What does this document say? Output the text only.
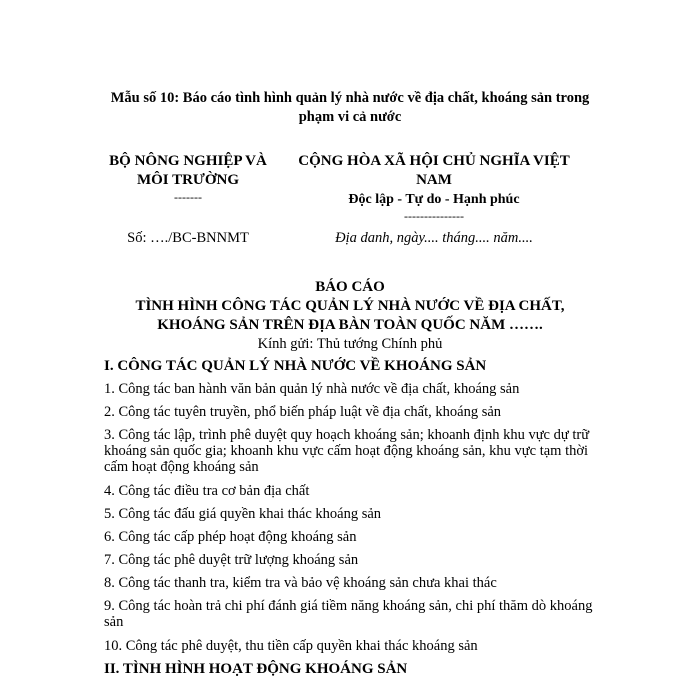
Mẫu số 10: Báo cáo tình hình quản lý nhà nước về địa chất, khoáng sản trong phạm vi cả nước
BỘ NÔNG NGHIỆP VÀ MÔI TRƯỜNG
-------
CỘNG HÒA XÃ HỘI CHỦ NGHĨA VIỆT NAM
Độc lập - Tự do - Hạnh phúc
---------------
Số: …./BC-BNNMT	Địa danh, ngày.... tháng.... năm....
BÁO CÁO
TÌNH HÌNH CÔNG TÁC QUẢN LÝ NHÀ NƯỚC VỀ ĐỊA CHẤT, KHOÁNG SẢN TRÊN ĐỊA BÀN TOÀN QUỐC NĂM …….
Kính gửi: Thủ tướng Chính phủ
I. CÔNG TÁC QUẢN LÝ NHÀ NƯỚC VỀ KHOÁNG SẢN
1. Công tác ban hành văn bản quản lý nhà nước về địa chất, khoáng sản
2. Công tác tuyên truyền, phổ biến pháp luật về địa chất, khoáng sản
3. Công tác lập, trình phê duyệt quy hoạch khoáng sản; khoanh định khu vực dự trữ khoáng sản quốc gia; khoanh khu vực cấm hoạt động khoáng sản, khu vực tạm thời cấm hoạt động khoáng sản
4. Công tác điều tra cơ bản địa chất
5. Công tác đấu giá quyền khai thác khoáng sản
6. Công tác cấp phép hoạt động khoáng sản
7. Công tác phê duyệt trữ lượng khoáng sản
8. Công tác thanh tra, kiểm tra và bảo vệ khoáng sản chưa khai thác
9. Công tác hoàn trả chi phí đánh giá tiềm năng khoáng sản, chi phí thăm dò khoáng sản
10. Công tác phê duyệt, thu tiền cấp quyền khai thác khoáng sản
II. TÌNH HÌNH HOẠT ĐỘNG KHOÁNG SẢN
